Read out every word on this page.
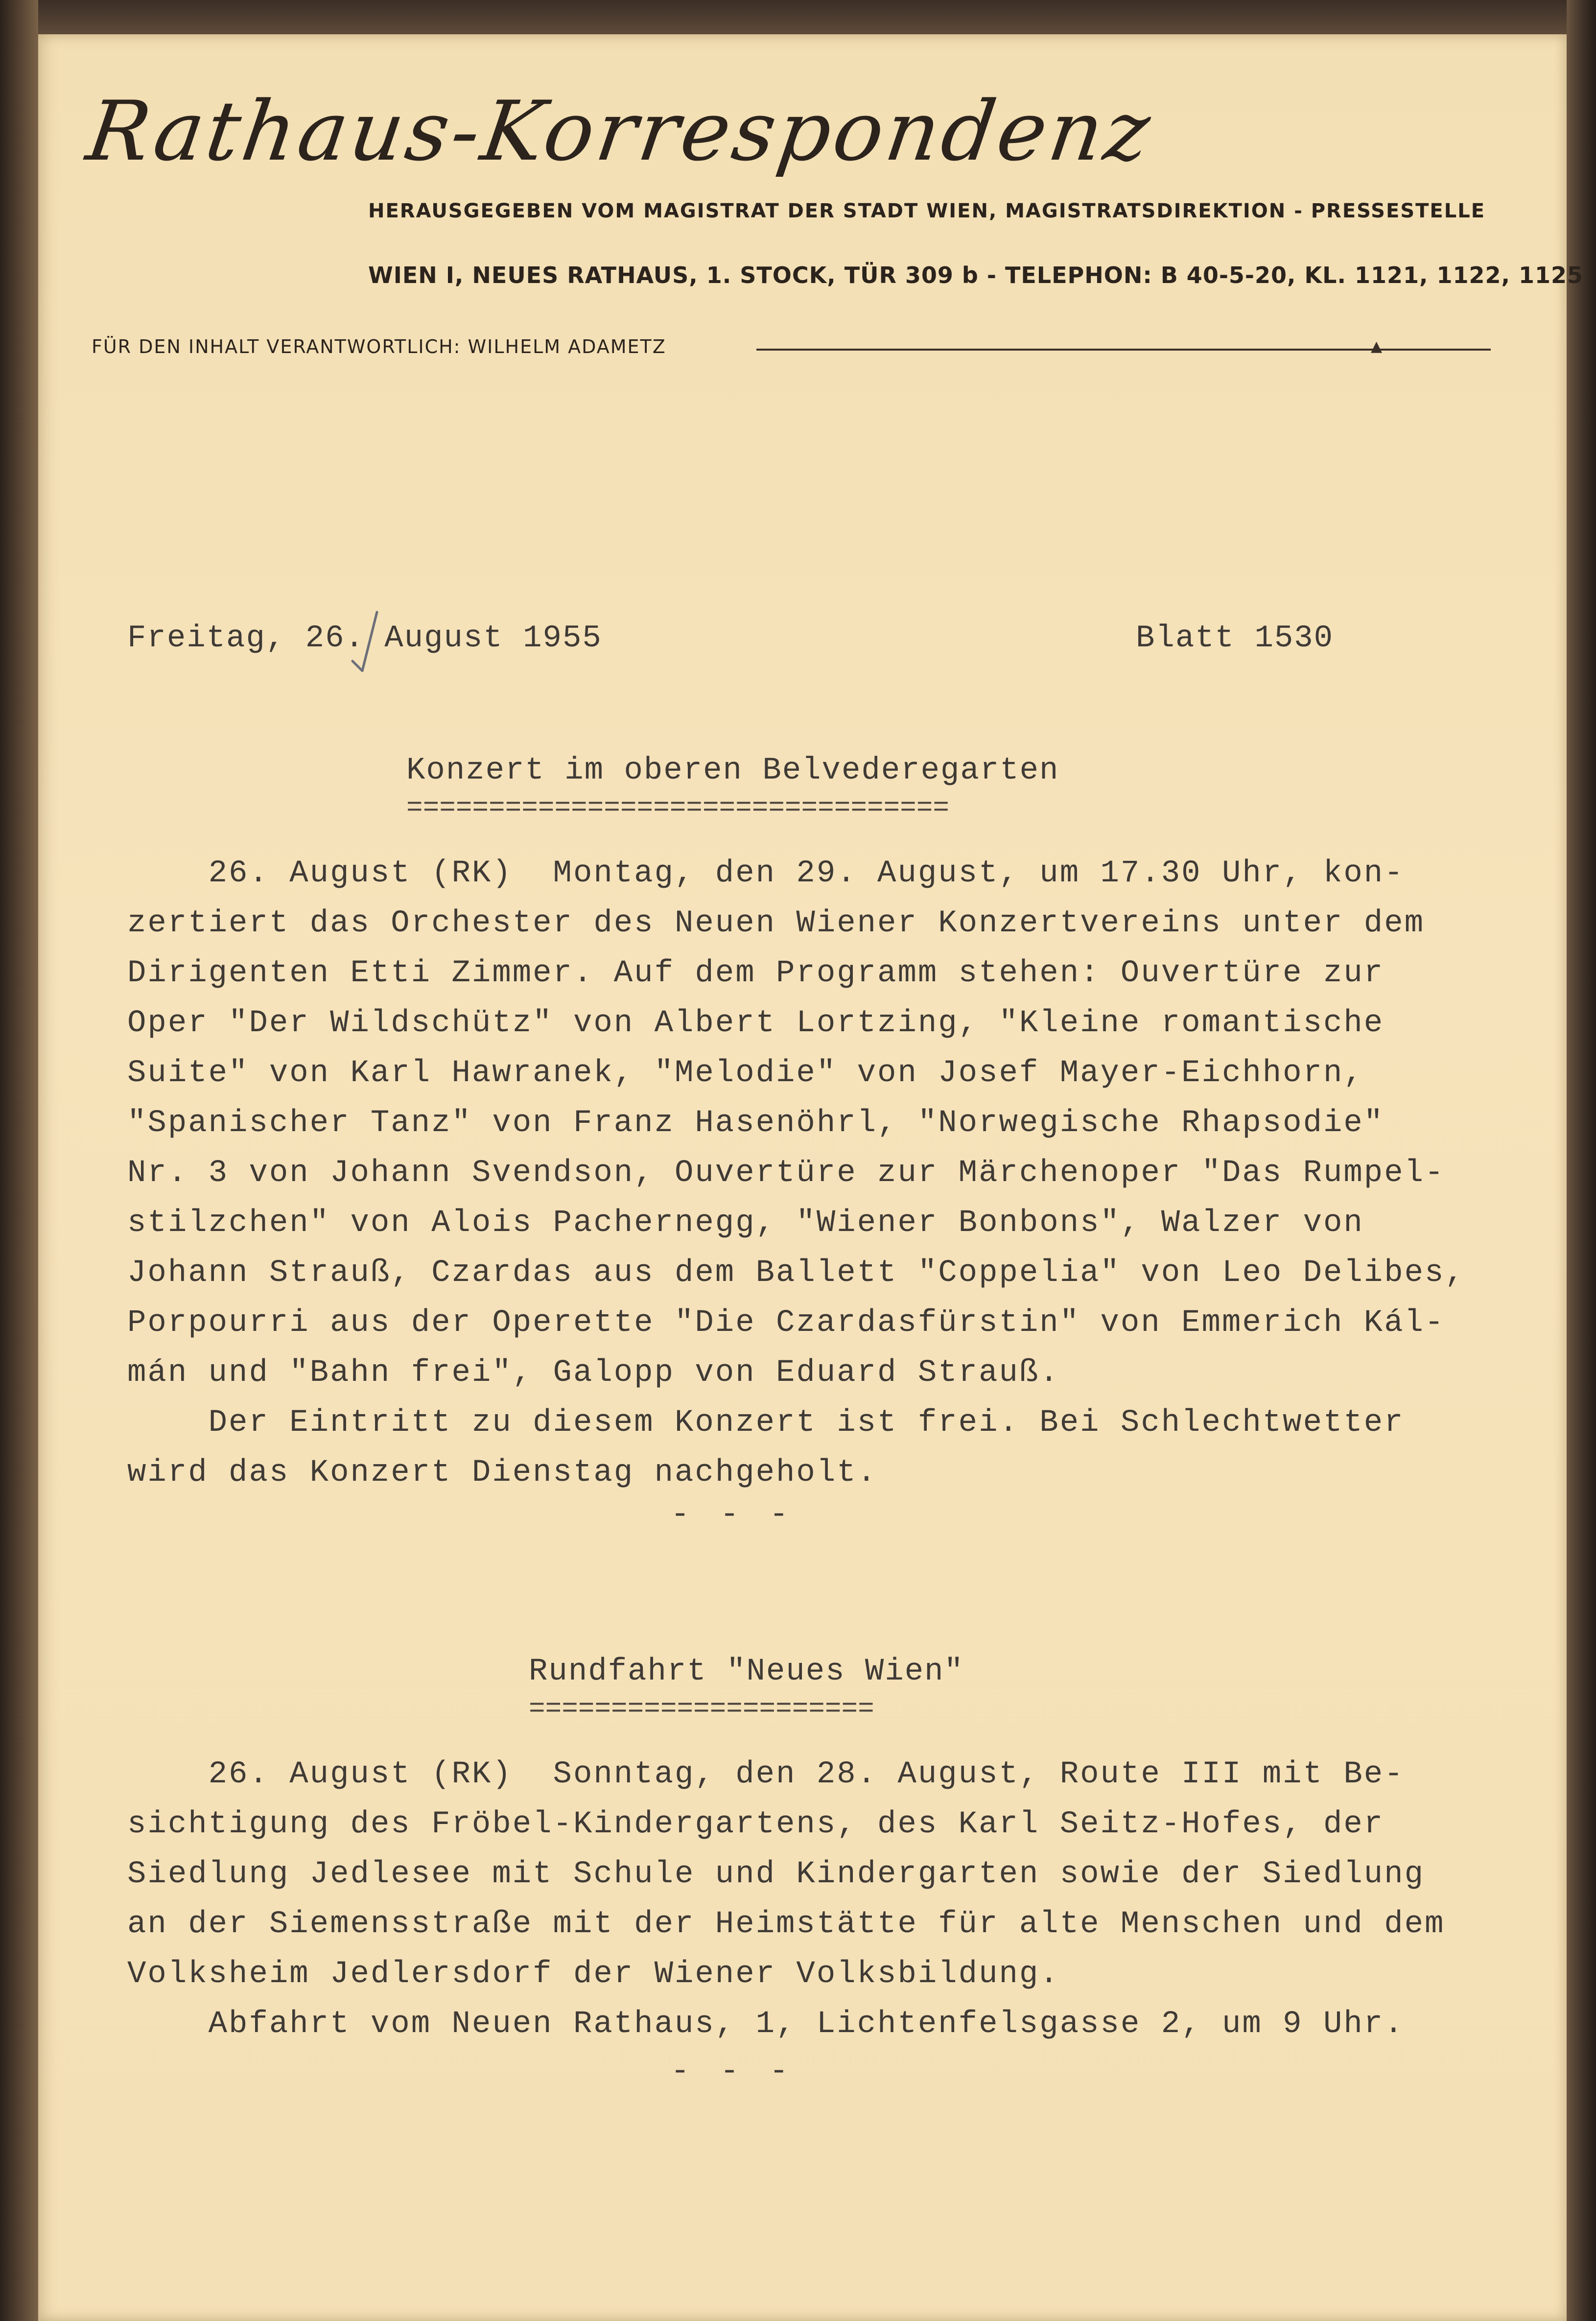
Rathaus-Korrespondenz
HERAUSGEGEBEN VOM MAGISTRAT DER STADT WIEN, MAGISTRATSDIREKTION - PRESSESTELLE
WIEN I, NEUES RATHAUS, 1. STOCK, TÜR 309 b - TELEPHON: B 40-5-20, KL. 1121, 1122, 1125
FÜR DEN INHALT VERANTWORTLICH: WILHELM ADAMETZ	▲
Freitag, 26. August 1955	Blatt 1530
Konzert im oberen Belvederegarten
=================================
26. August (RK)  Montag, den 29. August, um 17.30 Uhr, kon-
zertiert das Orchester des Neuen Wiener Konzertvereins unter dem
Dirigenten Etti Zimmer. Auf dem Programm stehen: Ouvertüre zur
Oper "Der Wildschütz" von Albert Lortzing, "Kleine romantische
Suite" von Karl Hawranek, "Melodie" von Josef Mayer-Eichhorn,
"Spanischer Tanz" von Franz Hasenöhrl, "Norwegische Rhapsodie"
Nr. 3 von Johann Svendson, Ouvertüre zur Märchenoper "Das Rumpel-
stilzchen" von Alois Pachernegg, "Wiener Bonbons", Walzer von
Johann Strauß, Czardas aus dem Ballett "Coppelia" von Leo Delibes,
Porpourri aus der Operette "Die Czardasfürstin" von Emmerich Kál-
mán und "Bahn frei", Galopp von Eduard Strauß.
Der Eintritt zu diesem Konzert ist frei. Bei Schlechtwetter
wird das Konzert Dienstag nachgeholt.
- - -
Rundfahrt "Neues Wien"
=====================
26. August (RK)  Sonntag, den 28. August, Route III mit Be-
sichtigung des Fröbel-Kindergartens, des Karl Seitz-Hofes, der
Siedlung Jedlesee mit Schule und Kindergarten sowie der Siedlung
an der Siemensstraße mit der Heimstätte für alte Menschen und dem
Volksheim Jedlersdorf der Wiener Volksbildung.
Abfahrt vom Neuen Rathaus, 1, Lichtenfelsgasse 2, um 9 Uhr.
- - -
